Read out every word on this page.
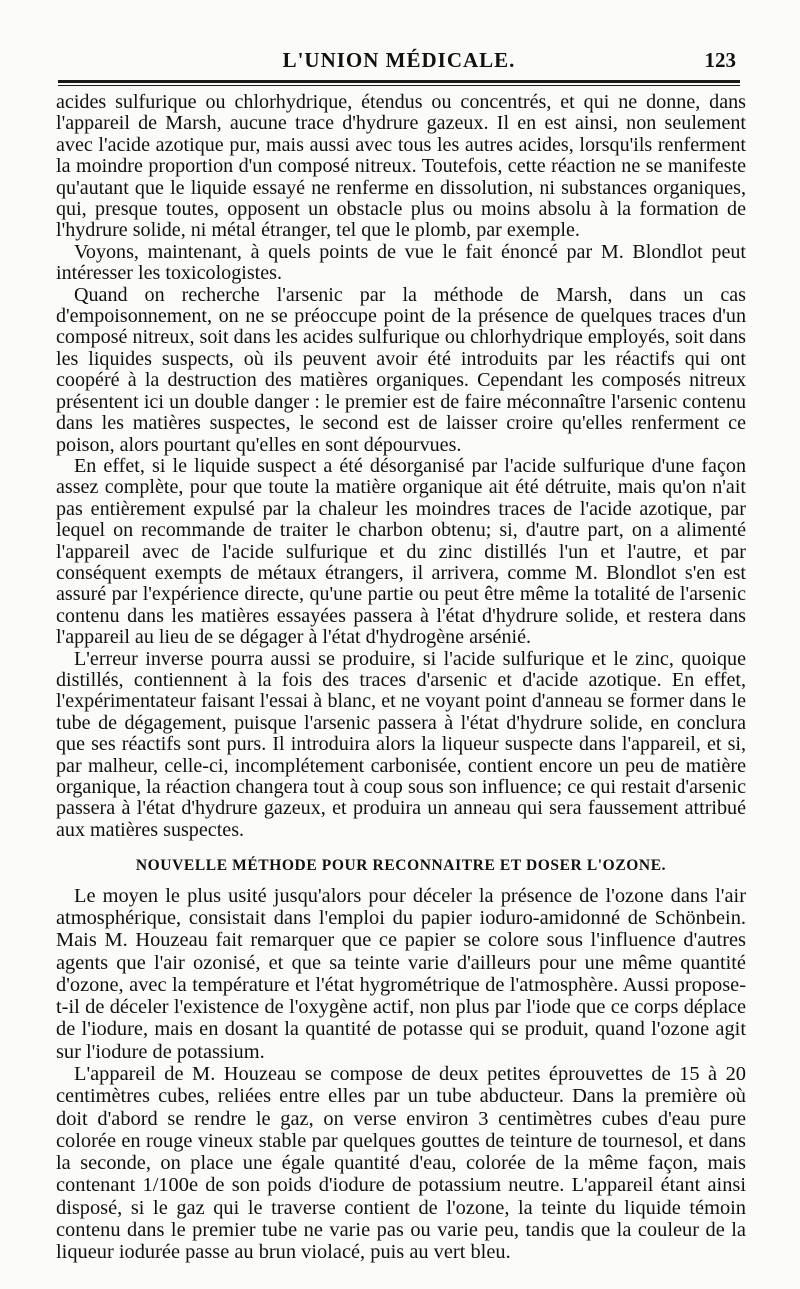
L'UNION MÉDICALE.	123

acides sulfurique ou chlorhydrique, étendus ou concentrés, et qui ne donne, dans l'appareil de Marsh, aucune trace d'hydrure gazeux. Il en est ainsi, non seulement avec l'acide azotique pur, mais aussi avec tous les autres acides, lorsqu'ils renferment la moindre proportion d'un composé nitreux. Toutefois, cette réaction ne se manifeste qu'autant que le liquide essayé ne renferme en dissolution, ni substances organiques, qui, presque toutes, opposent un obstacle plus ou moins absolu à la formation de l'hydrure solide, ni métal étranger, tel que le plomb, par exemple.

Voyons, maintenant, à quels points de vue le fait énoncé par M. Blondlot peut intéresser les toxicologistes.

Quand on recherche l'arsenic par la méthode de Marsh, dans un cas d'empoisonnement, on ne se préoccupe point de la présence de quelques traces d'un composé nitreux, soit dans les acides sulfurique ou chlorhydrique employés, soit dans les liquides suspects, où ils peuvent avoir été introduits par les réactifs qui ont coopéré à la destruction des matières organiques. Cependant les composés nitreux présentent ici un double danger : le premier est de faire méconnaître l'arsenic contenu dans les matières suspectes, le second est de laisser croire qu'elles renferment ce poison, alors pourtant qu'elles en sont dépourvues.

En effet, si le liquide suspect a été désorganisé par l'acide sulfurique d'une façon assez complète, pour que toute la matière organique ait été détruite, mais qu'on n'ait pas entièrement expulsé par la chaleur les moindres traces de l'acide azotique, par lequel on recommande de traiter le charbon obtenu; si, d'autre part, on a alimenté l'appareil avec de l'acide sulfurique et du zinc distillés l'un et l'autre, et par conséquent exempts de métaux étrangers, il arrivera, comme M. Blondlot s'en est assuré par l'expérience directe, qu'une partie ou peut être même la totalité de l'arsenic contenu dans les matières essayées passera à l'état d'hydrure solide, et restera dans l'appareil au lieu de se dégager à l'état d'hydrogène arsénié.

L'erreur inverse pourra aussi se produire, si l'acide sulfurique et le zinc, quoique distillés, contiennent à la fois des traces d'arsenic et d'acide azotique. En effet, l'expérimentateur faisant l'essai à blanc, et ne voyant point d'anneau se former dans le tube de dégagement, puisque l'arsenic passera à l'état d'hydrure solide, en conclura que ses réactifs sont purs. Il introduira alors la liqueur suspecte dans l'appareil, et si, par malheur, celle-ci, incomplétement carbonisée, contient encore un peu de matière organique, la réaction changera tout à coup sous son influence; ce qui restait d'arsenic passera à l'état d'hydrure gazeux, et produira un anneau qui sera faussement attribué aux matières suspectes.

NOUVELLE MÉTHODE POUR RECONNAITRE ET DOSER L'OZONE.

Le moyen le plus usité jusqu'alors pour déceler la présence de l'ozone dans l'air atmosphérique, consistait dans l'emploi du papier ioduro-amidonné de Schönbein. Mais M. Houzeau fait remarquer que ce papier se colore sous l'influence d'autres agents que l'air ozonisé, et que sa teinte varie d'ailleurs pour une même quantité d'ozone, avec la température et l'état hygrométrique de l'atmosphère. Aussi propose-t-il de déceler l'existence de l'oxygène actif, non plus par l'iode que ce corps déplace de l'iodure, mais en dosant la quantité de potasse qui se produit, quand l'ozone agit sur l'iodure de potassium.

L'appareil de M. Houzeau se compose de deux petites éprouvettes de 15 à 20 centimètres cubes, reliées entre elles par un tube abducteur. Dans la première où doit d'abord se rendre le gaz, on verse environ 3 centimètres cubes d'eau pure colorée en rouge vineux stable par quelques gouttes de teinture de tournesol, et dans la seconde, on place une égale quantité d'eau, colorée de la même façon, mais contenant 1/100e de son poids d'iodure de potassium neutre. L'appareil étant ainsi disposé, si le gaz qui le traverse contient de l'ozone, la teinte du liquide témoin contenu dans le premier tube ne varie pas ou varie peu, tandis que la couleur de la liqueur iodurée passe au brun violacé, puis au vert bleu.
